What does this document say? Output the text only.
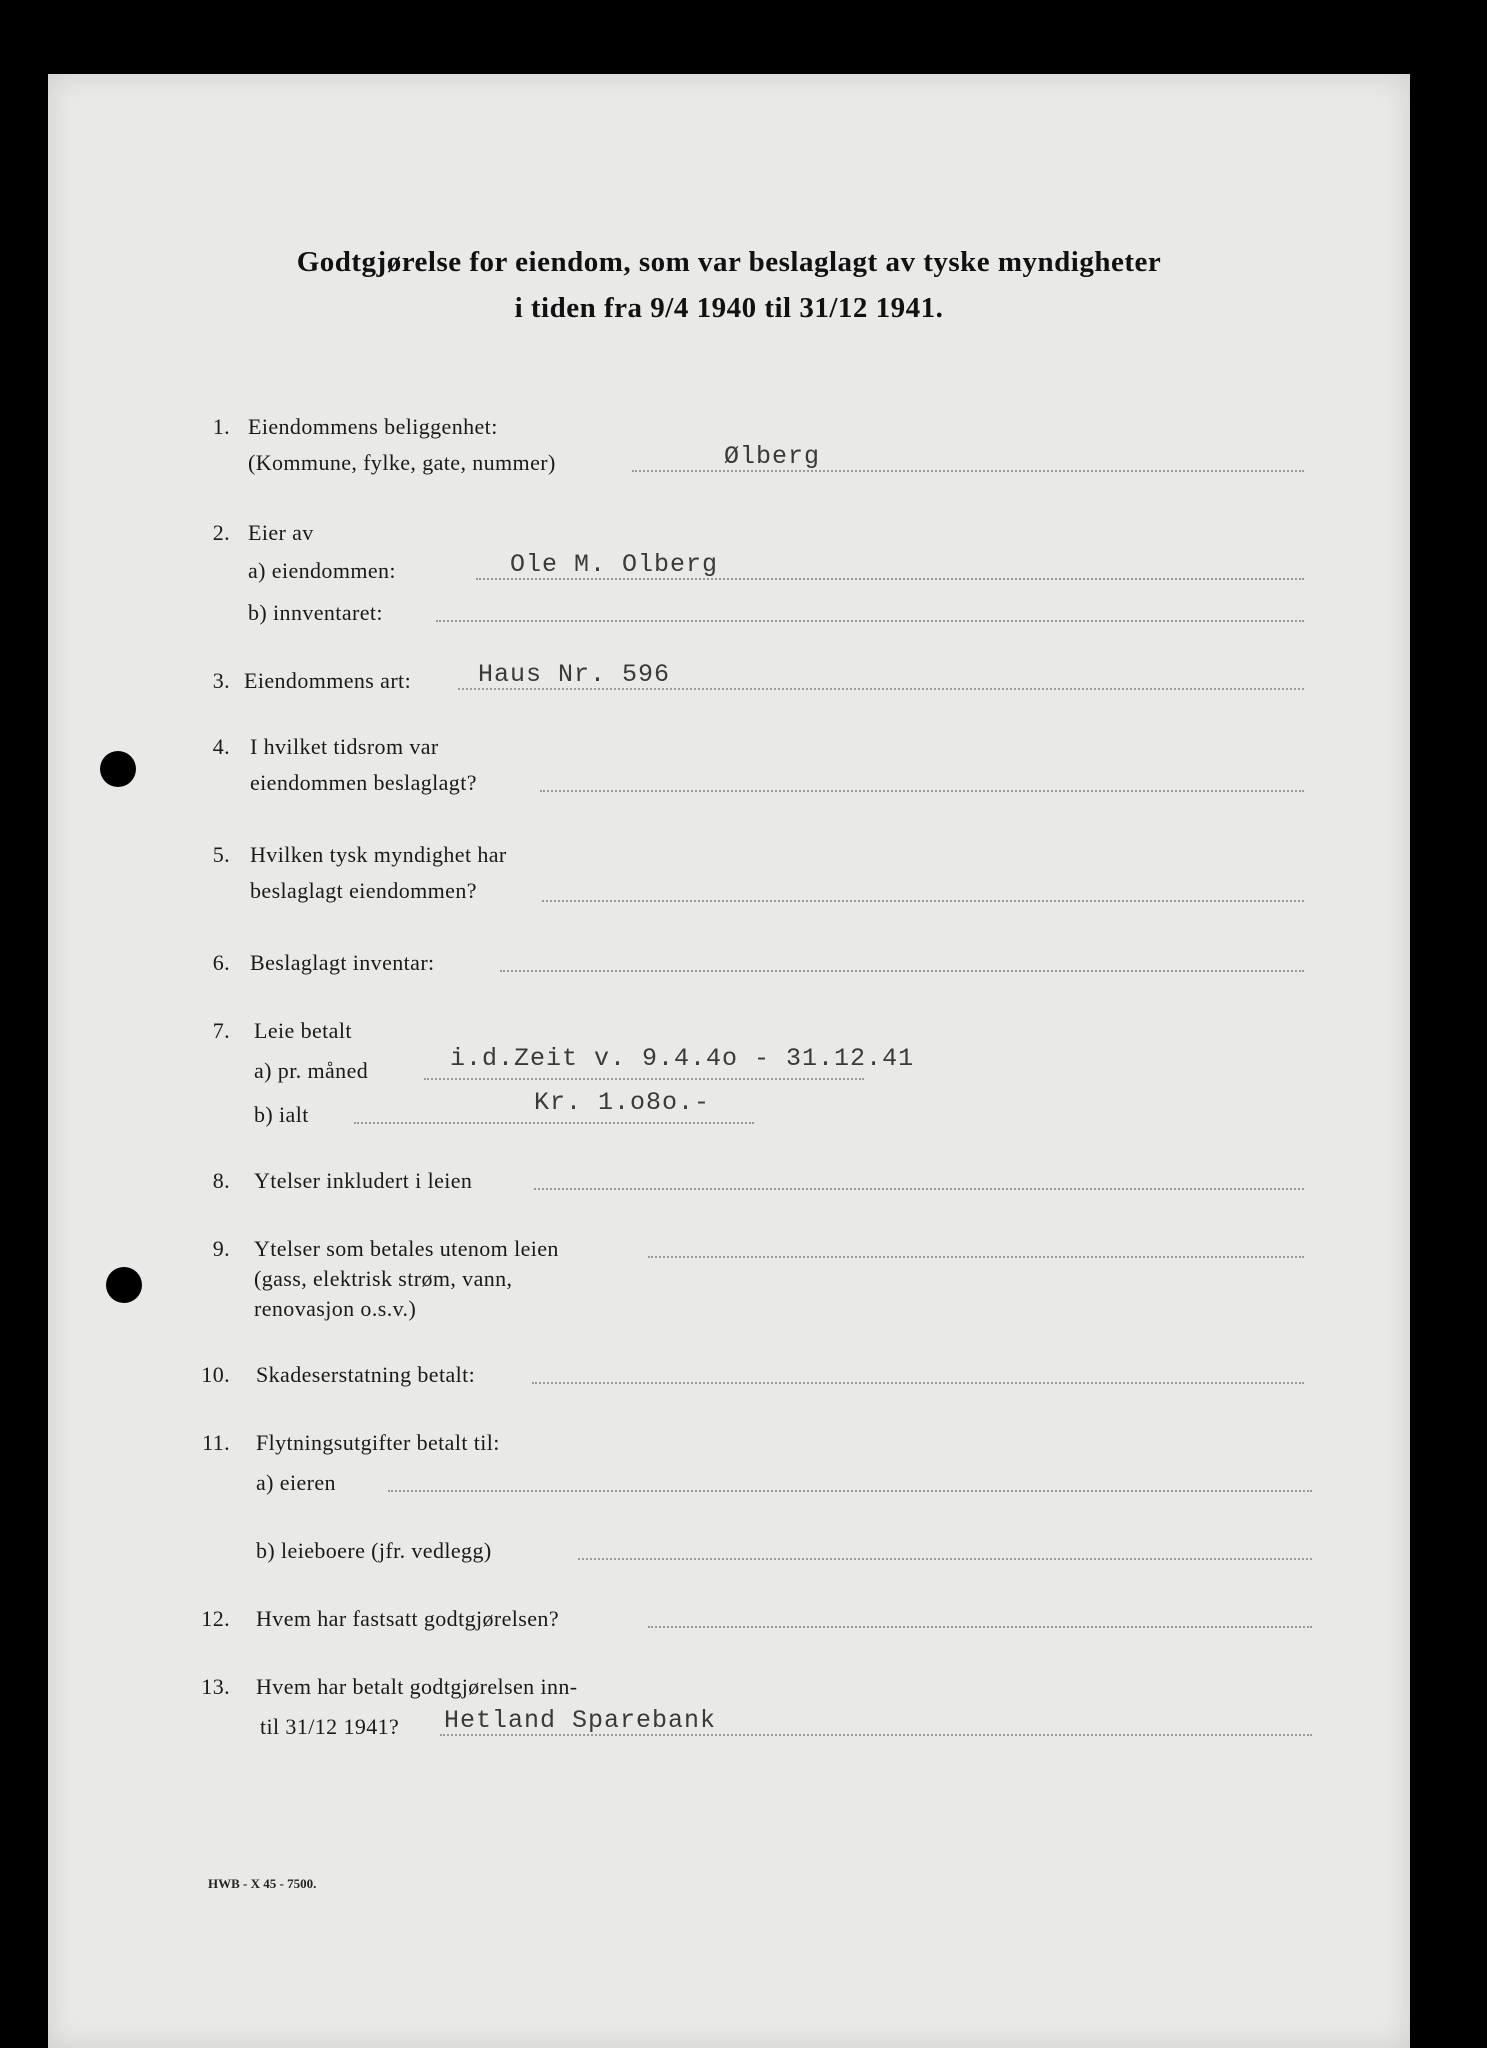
Godtgjørelse for eiendom, som var beslaglagt av tyske myndigheter
i tiden fra 9/4 1940 til 31/12 1941.
1. Eiendommens beliggenhet:
(Kommune, fylke, gate, nummer)	Ølberg
2. Eier av
a) eiendommen:	Ole M. Olberg
b) innventaret:
3. Eiendommens art:	Haus Nr. 596
4. I hvilket tidsrom var
eiendommen beslaglagt?
5. Hvilken tysk myndighet har
beslaglagt eiendommen?
6. Beslaglagt inventar:
7. Leie betalt
a) pr. måned	i.d.Zeit v. 9.4.4o - 31.12.41
b) ialt	Kr. 1.o8o.-
8. Ytelser inkludert i leien
9. Ytelser som betales utenom leien
(gass, elektrisk strøm, vann,
renovasjon o.s.v.)
10. Skadeserstatning betalt:
11. Flytningsutgifter betalt til:
a) eieren
b) leieboere (jfr. vedlegg)
12. Hvem har fastsatt godtgjørelsen?
13. Hvem har betalt godtgjørelsen inn-
til 31/12 1941? Hetland Sparebank
HWB - X 45 - 7500.
